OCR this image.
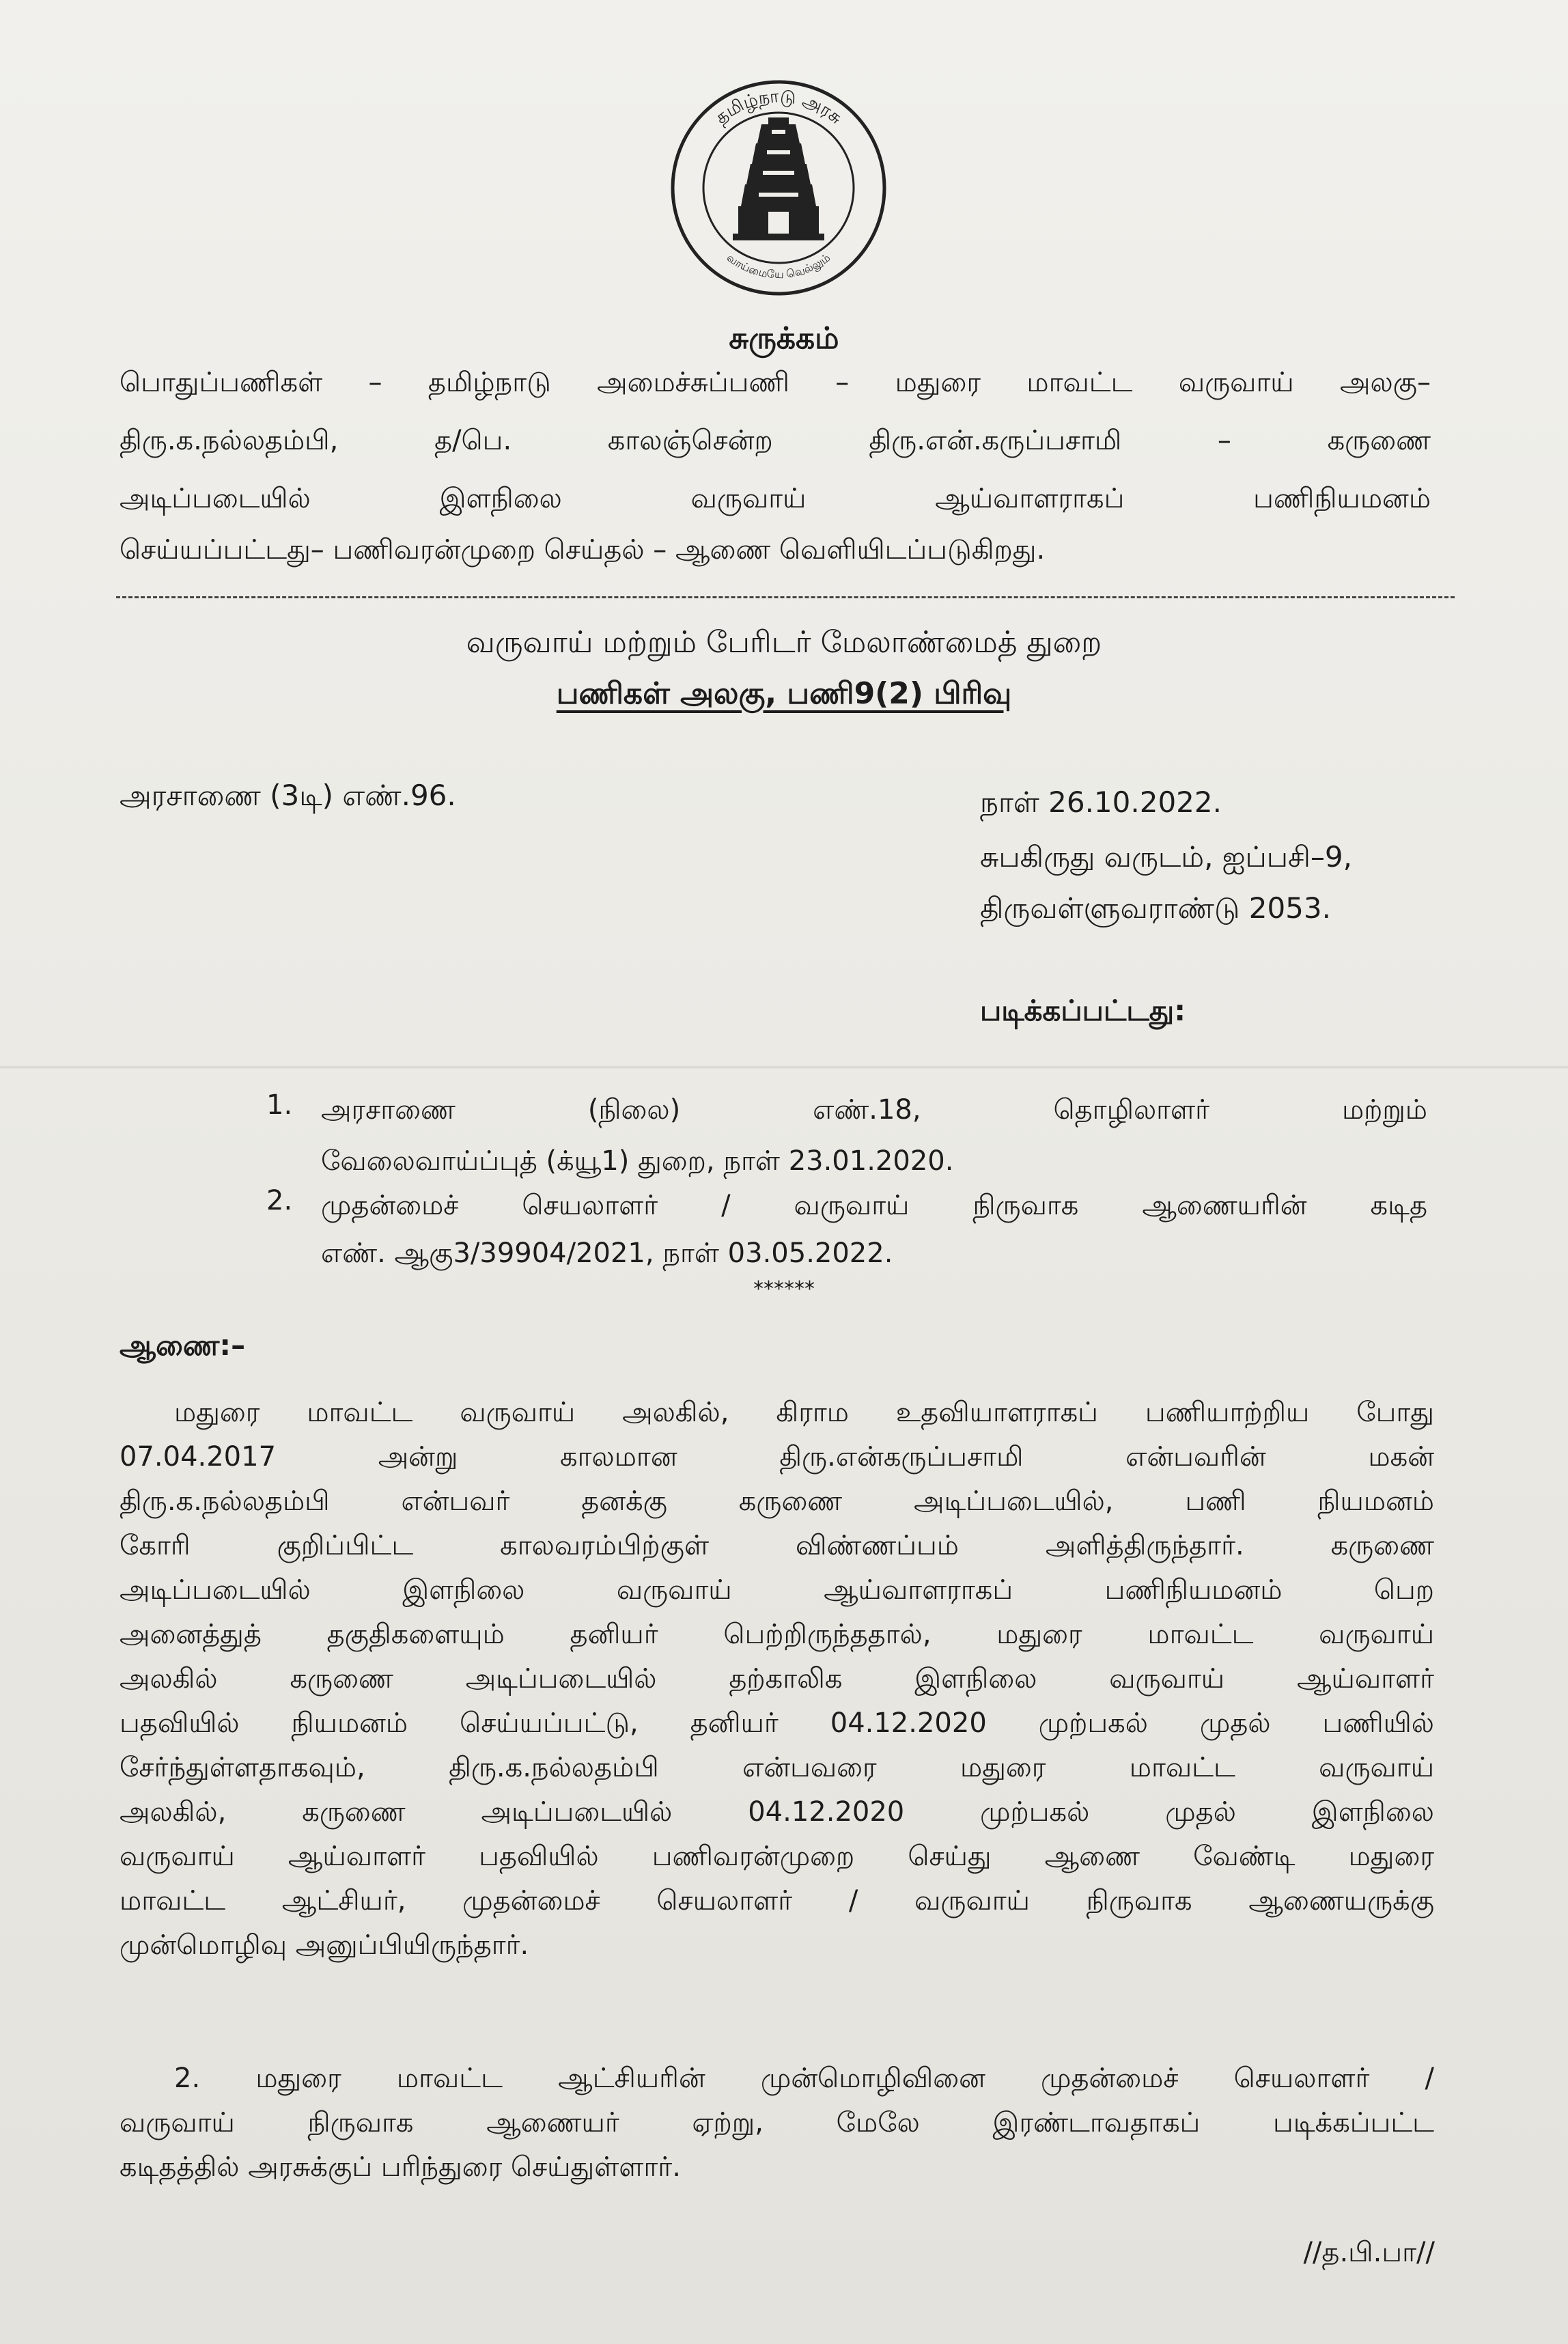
தமிழ்நாடு அரசு
வாய்மையே வெல்லும்
சுருக்கம்
பொதுப்பணிகள் – தமிழ்நாடு அமைச்சுப்பணி – மதுரை மாவட்ட வருவாய் அலகு–
திரு.க.நல்லதம்பி, த/பெ. காலஞ்சென்ற திரு.என்.கருப்பசாமி – கருணை
அடிப்படையில் இளநிலை வருவாய் ஆய்வாளராகப் பணிநியமனம்
செய்யப்பட்டது– பணிவரன்முறை செய்தல் – ஆணை வெளியிடப்படுகிறது.
வருவாய் மற்றும் பேரிடர் மேலாண்மைத் துறை
பணிகள் அலகு, பணி9(2) பிரிவு
அரசாணை (3டி) எண்.96.	நாள் 26.10.2022.
சுபகிருது வருடம், ஐப்பசி–9,
திருவள்ளுவராண்டு 2053.
படிக்கப்பட்டது:
1. அரசாணை (நிலை) எண்.18, தொழிலாளர் மற்றும்
வேலைவாய்ப்புத் (க்யூ1) துறை, நாள் 23.01.2020.
2. முதன்மைச் செயலாளர் / வருவாய் நிருவாக ஆணையரின் கடித
எண். ஆகு3/39904/2021, நாள் 03.05.2022.
******
ஆணை:–
மதுரை மாவட்ட வருவாய் அலகில், கிராம உதவியாளராகப் பணியாற்றிய போது
07.04.2017 அன்று காலமான திரு.என்கருப்பசாமி என்பவரின் மகன்
திரு.க.நல்லதம்பி என்பவர் தனக்கு கருணை அடிப்படையில், பணி நியமனம்
கோரி குறிப்பிட்ட காலவரம்பிற்குள் விண்ணப்பம் அளித்திருந்தார். கருணை
அடிப்படையில் இளநிலை வருவாய் ஆய்வாளராகப் பணிநியமனம் பெற
அனைத்துத் தகுதிகளையும் தனியர் பெற்றிருந்ததால், மதுரை மாவட்ட வருவாய்
அலகில் கருணை அடிப்படையில் தற்காலிக இளநிலை வருவாய் ஆய்வாளர்
பதவியில் நியமனம் செய்யப்பட்டு, தனியர் 04.12.2020 முற்பகல் முதல் பணியில்
சேர்ந்துள்ளதாகவும், திரு.க.நல்லதம்பி என்பவரை மதுரை மாவட்ட வருவாய்
அலகில், கருணை அடிப்படையில் 04.12.2020 முற்பகல் முதல் இளநிலை
வருவாய் ஆய்வாளர் பதவியில் பணிவரன்முறை செய்து ஆணை வேண்டி மதுரை
மாவட்ட ஆட்சியர், முதன்மைச் செயலாளர் / வருவாய் நிருவாக ஆணையருக்கு
முன்மொழிவு அனுப்பியிருந்தார்.
2. மதுரை மாவட்ட ஆட்சியரின் முன்மொழிவினை முதன்மைச் செயலாளர் /
வருவாய் நிருவாக ஆணையர் ஏற்று, மேலே இரண்டாவதாகப் படிக்கப்பட்ட
கடிதத்தில் அரசுக்குப் பரிந்துரை செய்துள்ளார்.
//த.பி.பா//
